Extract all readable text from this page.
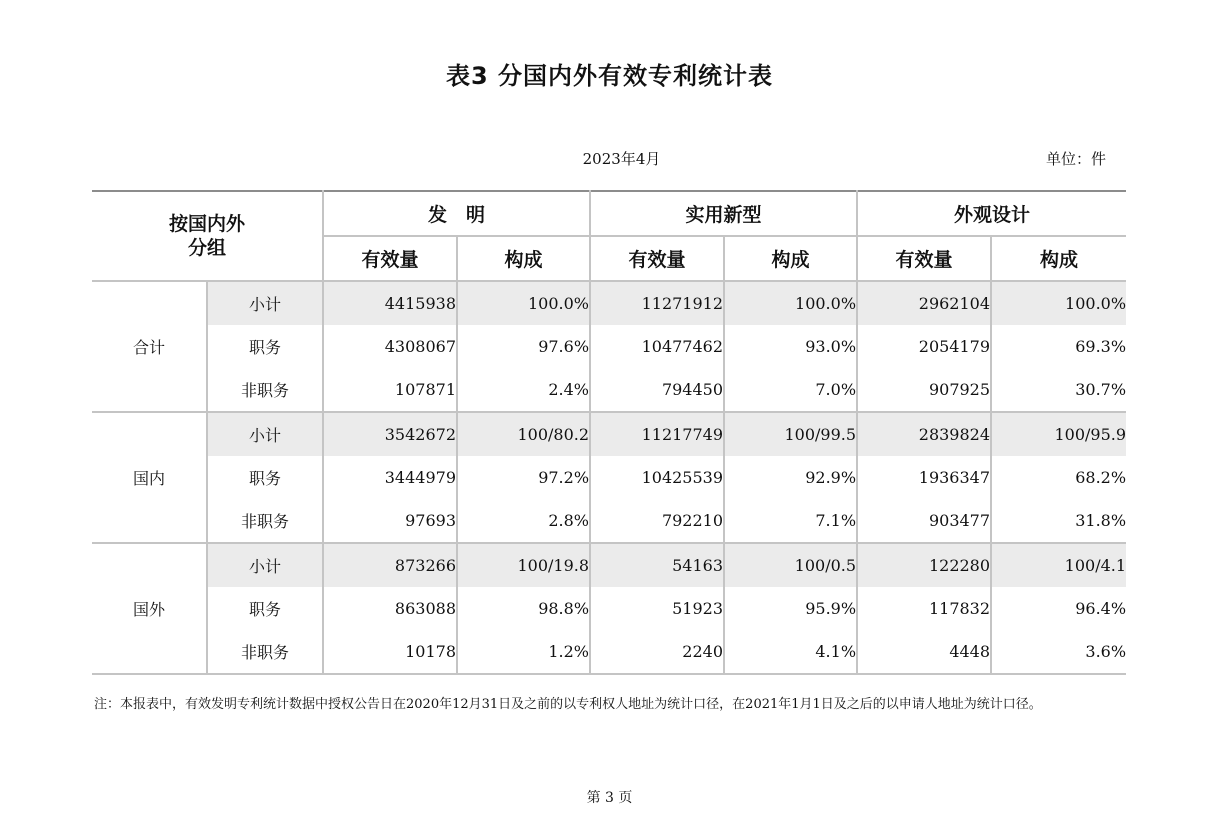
表3 分国内外有效专利统计表
2023年4月	单位：件
按国内外分组		发　明		实用新型		外观设计	
		有效量	构成	有效量	构成	有效量	构成
合计	小计	4415938	100.0%	11271912	100.0%	2962104	100.0%
	职务	4308067	97.6%	10477462	93.0%	2054179	69.3%
	非职务	107871	2.4%	794450	7.0%	907925	30.7%
国内	小计	3542672	100/80.2	11217749	100/99.5	2839824	100/95.9
	职务	3444979	97.2%	10425539	92.9%	1936347	68.2%
	非职务	97693	2.8%	792210	7.1%	903477	31.8%
国外	小计	873266	100/19.8	54163	100/0.5	122280	100/4.1
	职务	863088	98.8%	51923	95.9%	117832	96.4%
	非职务	10178	1.2%	2240	4.1%	4448	3.6%
注：本报表中，有效发明专利统计数据中授权公告日在2020年12月31日及之前的以专利权人地址为统计口径，在2021年1月1日及之后的以申请人地址为统计口径。
第 3 页
